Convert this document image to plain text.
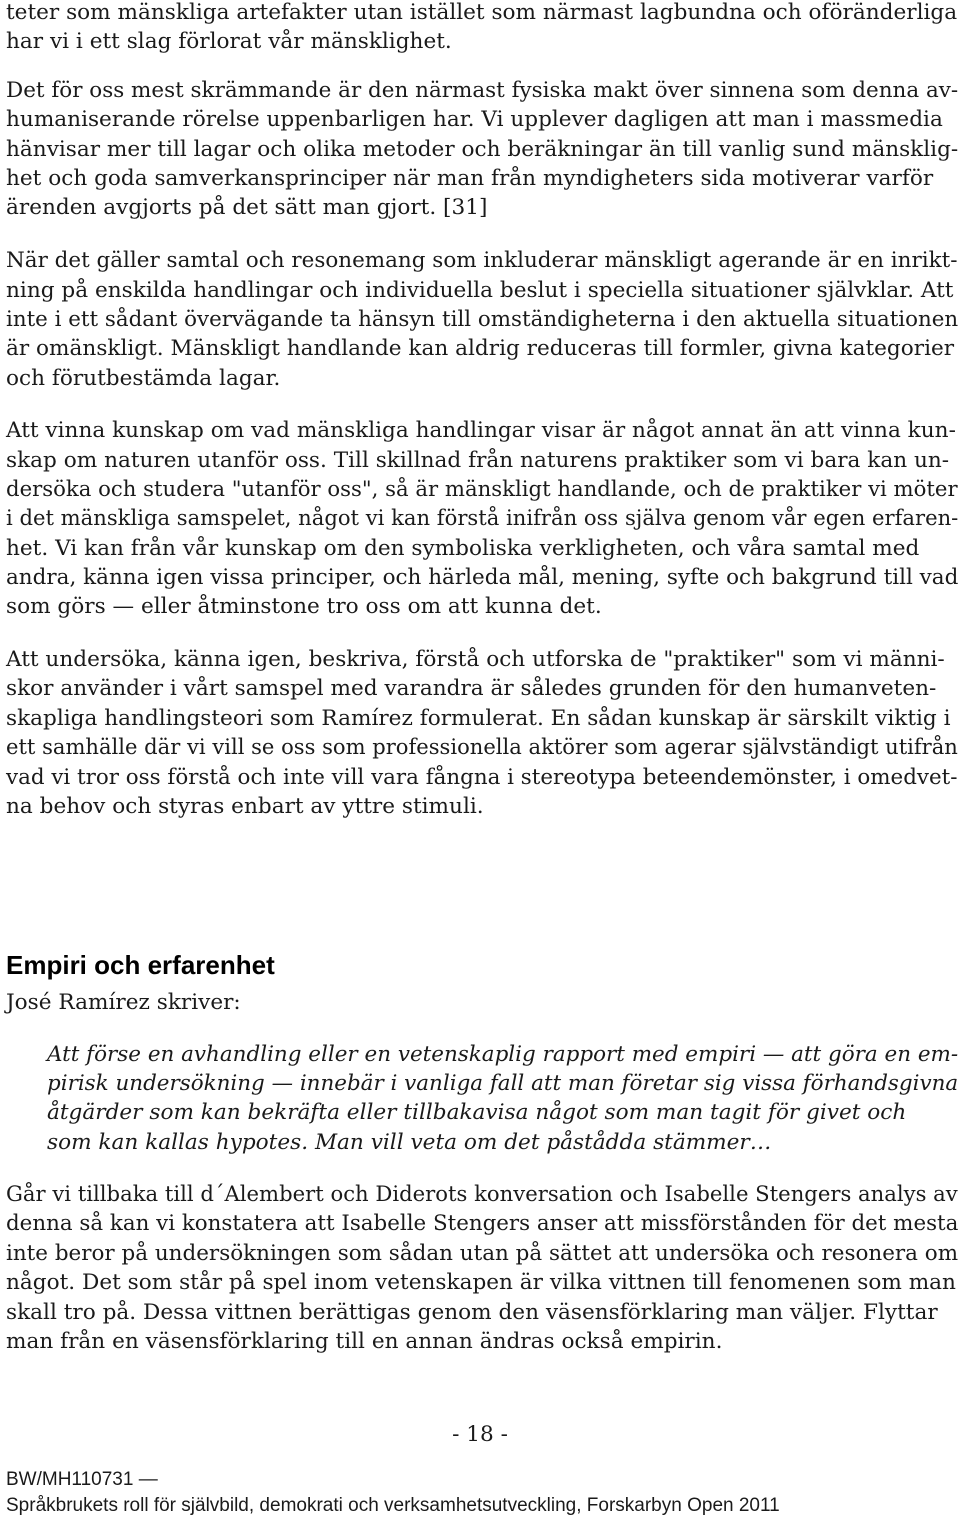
teter som mänskliga artefakter utan istället som närmast lagbundna och oföränderliga
har vi i ett slag förlorat vår mänsklighet.
Det för oss mest skrämmande är den närmast fysiska makt över sinnena som denna av-
humaniserande rörelse uppenbarligen har. Vi upplever dagligen att man i massmedia
hänvisar mer till lagar och olika metoder och beräkningar än till vanlig sund mänsklig-
het och goda samverkansprinciper när man från myndigheters sida motiverar varför
ärenden avgjorts på det sätt man gjort. [31]
När det gäller samtal och resonemang som inkluderar mänskligt agerande är en inrikt-
ning på enskilda handlingar och individuella beslut i speciella situationer självklar. Att
inte i ett sådant övervägande ta hänsyn till omständigheterna i den aktuella situationen
är omänskligt. Mänskligt handlande kan aldrig reduceras till formler, givna kategorier
och förutbestämda lagar.
Att vinna kunskap om vad mänskliga handlingar visar är något annat än att vinna kun-
skap om naturen utanför oss. Till skillnad från naturens praktiker som vi bara kan un-
dersöka och studera "utanför oss", så är mänskligt handlande, och de praktiker vi möter
i det mänskliga samspelet, något vi kan förstå inifrån oss själva genom vår egen erfaren-
het. Vi kan från vår kunskap om den symboliska verkligheten, och våra samtal med
andra, känna igen vissa principer, och härleda mål, mening, syfte och bakgrund till vad
som görs — eller åtminstone tro oss om att kunna det.
Att undersöka, känna igen, beskriva, förstå och utforska de "praktiker" som vi männi-
skor använder i vårt samspel med varandra är således grunden för den humanveten-
skapliga handlingsteori som Ramírez formulerat. En sådan kunskap är särskilt viktig i
ett samhälle där vi vill se oss som professionella aktörer som agerar självständigt utifrån
vad vi tror oss förstå och inte vill vara fångna i stereotypa beteendemönster, i omedvet-
na behov och styras enbart av yttre stimuli.
Empiri och erfarenhet
José Ramírez skriver:
Att förse en avhandling eller en vetenskaplig rapport med empiri — att göra en em-
pirisk undersökning — innebär i vanliga fall att man företar sig vissa förhandsgivna
åtgärder som kan bekräfta eller tillbakavisa något som man tagit för givet och
som kan kallas hypotes. Man vill veta om det påstådda stämmer…
Går vi tillbaka till d´Alembert och Diderots konversation och Isabelle Stengers analys av
denna så kan vi konstatera att Isabelle Stengers anser att missförstånden för det mesta
inte beror på undersökningen som sådan utan på sättet att undersöka och resonera om
något. Det som står på spel inom vetenskapen är vilka vittnen till fenomenen som man
skall tro på. Dessa vittnen berättigas genom den väsensförklaring man väljer. Flyttar
man från en väsensförklaring till en annan ändras också empirin.
- 18 -
BW/MH110731 —
Språkbrukets roll för självbild, demokrati och verksamhetsutveckling, Forskarbyn Open 2011
